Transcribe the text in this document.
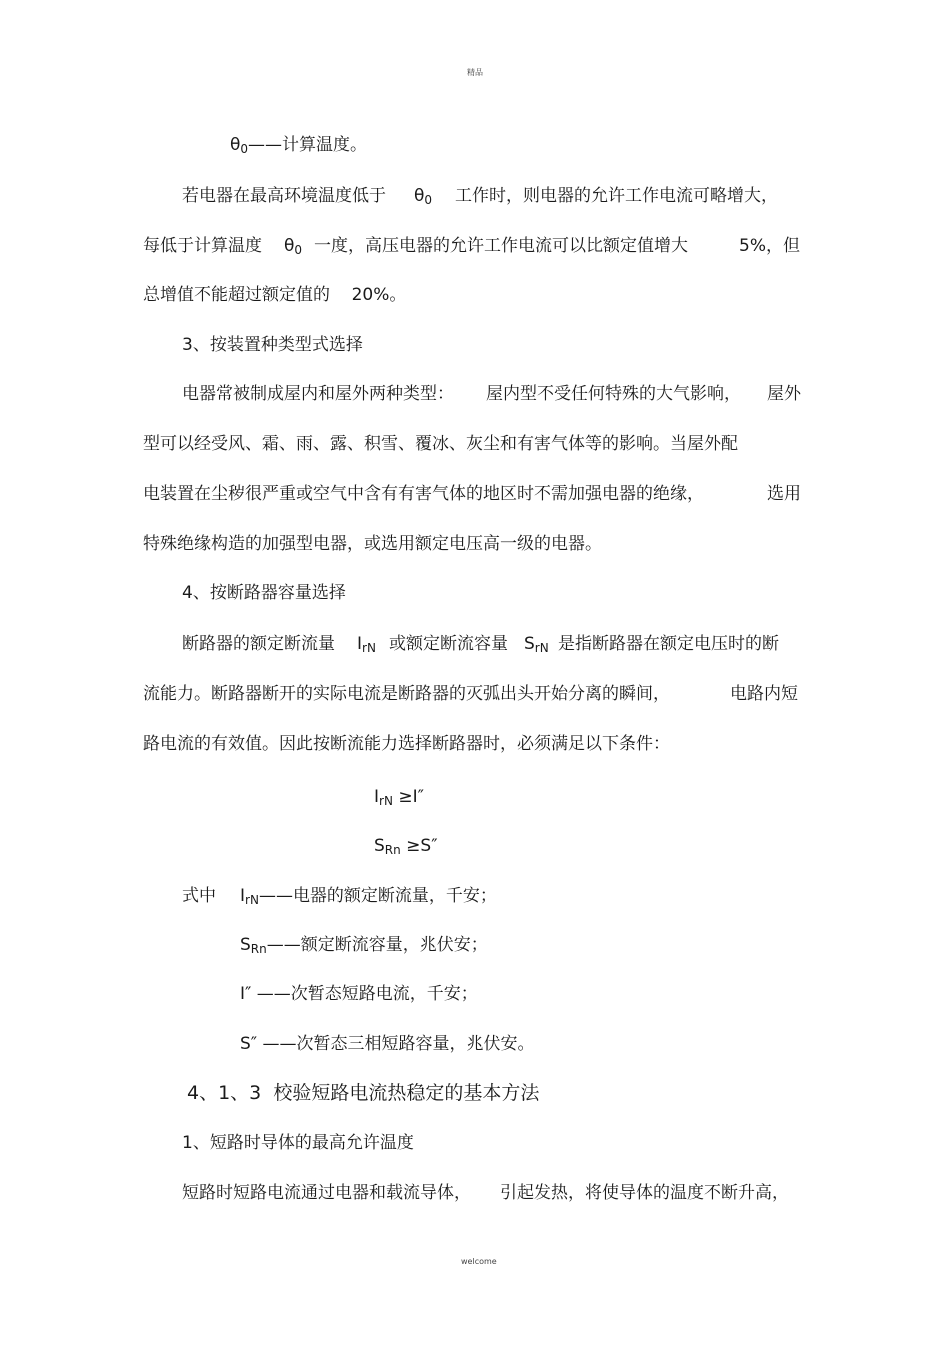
精品
$\theta_0——$计算温度。
若电器在最高环境温度低于 $\theta_0$ 工作时，则电器的允许工作电流可略增大，
每低于计算温度 $\theta_0$ 一度，高压电器的允许工作电流可以比额定值增大	5%，但
总增值不能超过额定值的    20%。
3、按装置种类型式选择
电器常被制成屋内和屋外两种类型： 屋内型不受任何特殊的大气影响， 屋外
型可以经受风、霜、雨、露、积雪、覆冰、灰尘和有害气体等的影响。当屋外配
电装置在尘秽很严重或空气中含有有害气体的地区时不需加强电器的绝缘，	选用
特殊绝缘构造的加强型电器，或选用额定电压高一级的电器。
4、按断路器容量选择
断路器的额定断流量 $I_{rN}$ 或额定断流容量 $S_{rN}$ 是指断路器在额定电压时的断
流能力。断路器断开的实际电流是断路器的灭弧出头开始分离的瞬间，	电路内短
路电流的有效值。因此按断流能力选择断路器时，必须满足以下条件：
$I_{rN} \ge I''$
$S_{Rn} \ge S''$
式中 $I_{rN}——$电器的额定断流量，千安；
$S_{Rn}——$额定断流容量，兆伏安；
I″ ——次暂态短路电流，千安；
S″ ——次暂态三相短路容量，兆伏安。
4、1、3  校验短路电流热稳定的基本方法
1、短路时导体的最高允许温度
短路时短路电流通过电器和载流导体， 引起发热，将使导体的温度不断升高，
welcome
